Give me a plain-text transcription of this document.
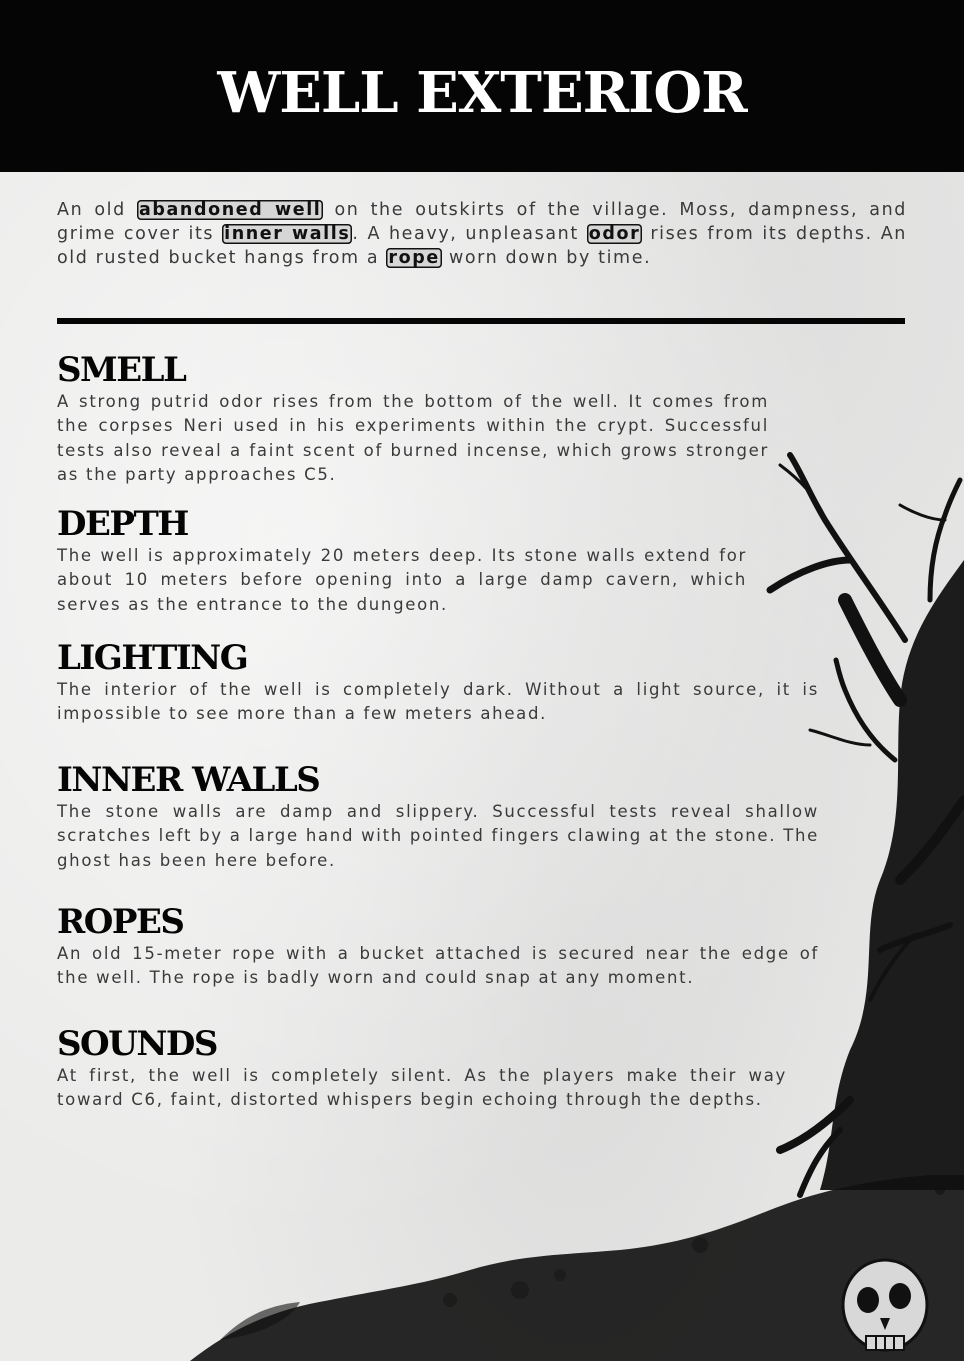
WELL EXTERIOR
An old abandoned well on the outskirts of the village. Moss, dampness, and grime cover its inner walls . A heavy, unpleasant odor rises from its depths. An old rusted bucket hangs from a rope worn down by time.
SMELL

A strong putrid odor rises from the bottom of the well. It comes from the corpses Neri used in his experiments within the crypt. Successful tests also reveal a faint scent of burned incense, which grows stronger as the party approaches C5.

DEPTH

The well is approximately 20 meters deep. Its stone walls extend for about 10 meters before opening into a large damp cavern, which serves as the entrance to the dungeon.

LIGHTING

The interior of the well is completely dark. Without a light source, it is impossible to see more than a few meters ahead.

INNER WALLS

The stone walls are damp and slippery. Successful tests reveal shallow scratches left by a large hand with pointed fingers clawing at the stone. The ghost has been here before.

ROPES

An old 15-meter rope with a bucket attached is secured near the edge of the well. The rope is badly worn and could snap at any moment.

SOUNDS

At first, the well is completely silent. As the players make their way toward C6, faint, distorted whispers begin echoing through the depths.
